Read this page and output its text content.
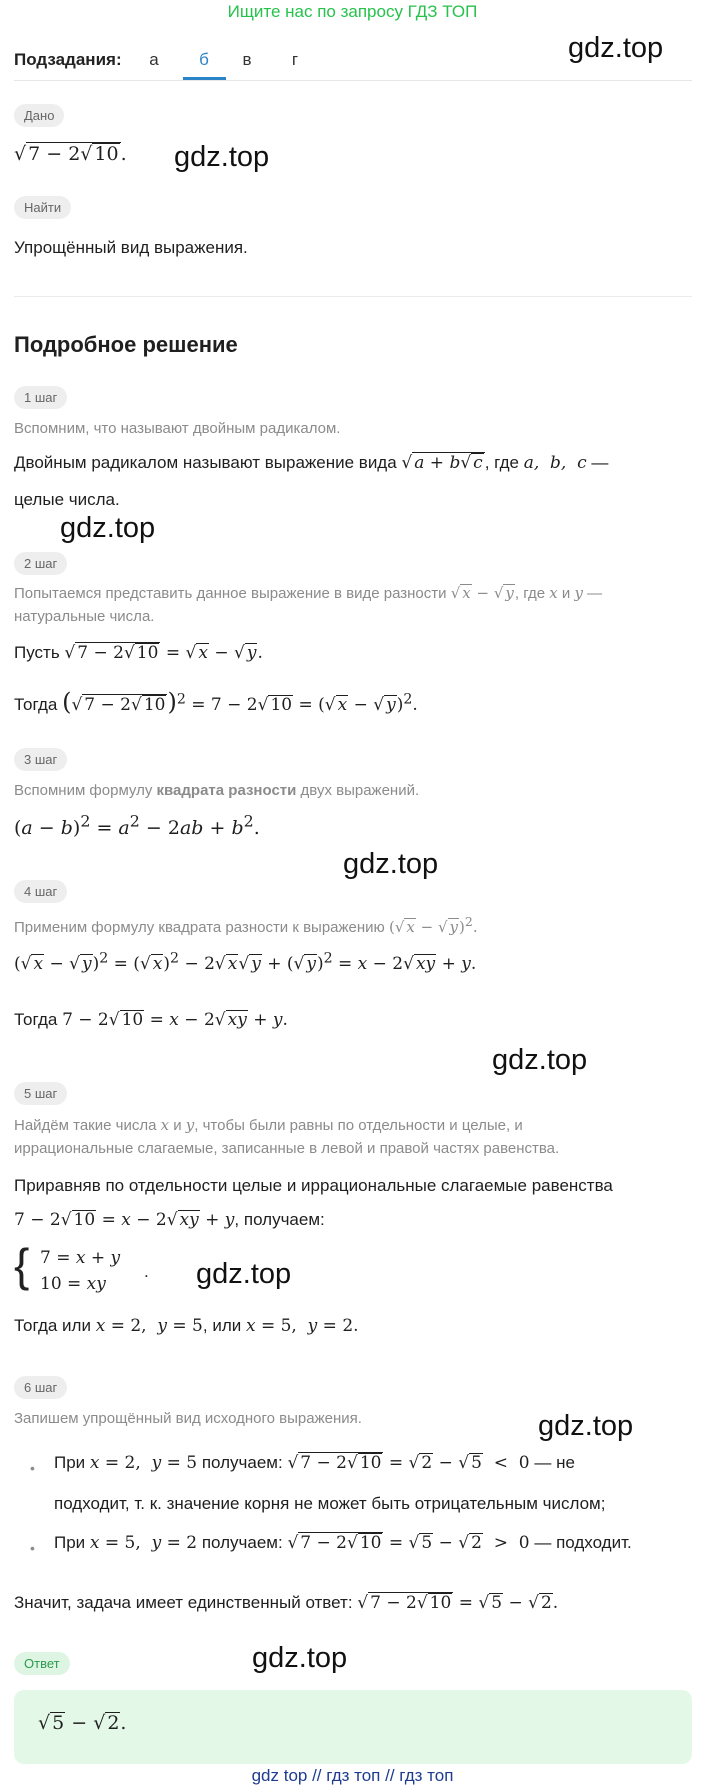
Ищите нас по запросу ГДЗ ТОП
Подзадания: а	б	в г	gdz.top
Дано
√ 7 − 2√ 10 . gdz.top
Найти
Упрощённый вид выражения.
Подробное решение
1 шаг
Вспомним, что называют двойным радикалом.
Двойным радикалом называют выражение вида √ a + b√ c , где a,  b,  c —
целые числа.
gdz.top
2 шаг
Попытаемся представить данное выражение в виде разности √ x − √ y, где x и y —
натуральные числа.
Пусть √ 7 − 2√ 10 = √ x − √ y.
Тогда (√ 7 − 2√ 10)$^2$ = 7 − 2√ 10 = (√ x − √ y)$^2$.
3 шаг
Вспомним формулу квадрата разности двух выражений.
$(a - b)^2 = a^2 - 2ab + b^2$.
gdz.top
4 шаг
Применим формулу квадрата разности к выражению (√ x − √ y)$^2$.
(√ x − √ y)$^2$ = (√ x)$^2$ − 2√ x√ y + (√ y)$^2$ = x − 2√ xy + y.
Тогда 7 − 2√ 10 = x − 2√ xy + y.
gdz.top
5 шаг
Найдём такие числа x и y, чтобы были равны по отдельности и целые, и
иррациональные слагаемые, записанные в левой и правой частях равенства.
Приравняв по отдельности целые и иррациональные слагаемые равенства
7 − 2√ 10 = x − 2√ xy + y, получаем:
{ 7 = x + y
10 = xy
. gdz.top
Тогда или x = 2,  y = 5, или x = 5,  y = 2.
6 шаг
Запишем упрощённый вид исходного выражения.	gdz.top
• При x = 2,  y = 5 получаем: √ 7 − 2√ 10 = √ 2 − √ 5  <  0 — не
подходит, т. к. значение корня не может быть отрицательным числом;
• При x = 5,  y = 2 получаем: √ 7 − 2√ 10 = √ 5 − √ 2  >  0 — подходит.
Значит, задача имеет единственный ответ: √ 7 − 2√ 10 = √ 5 − √ 2.
Ответ	gdz.top
√ 5 − √ 2.
gdz top // гдз топ // гдз топ
